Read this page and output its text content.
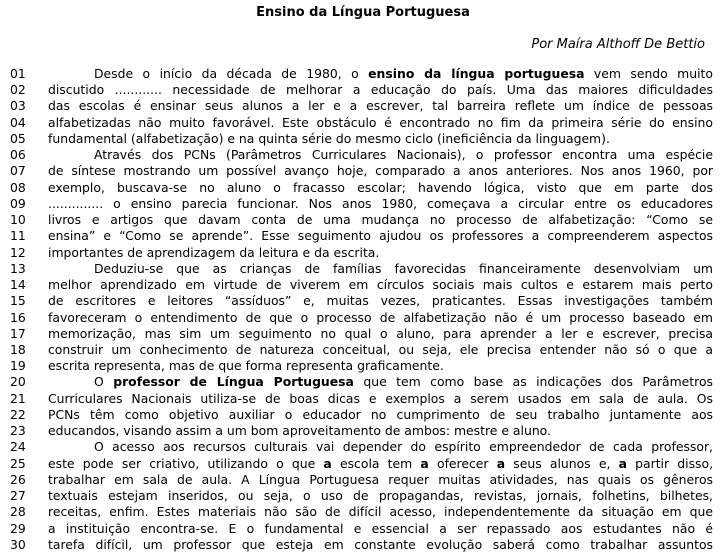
Ensino da Língua Portuguesa
Por Maíra Althoff De Bettio
01	Desde o início da década de 1980, o ensino da língua portuguesa vem sendo muito
02	discutido ............ necessidade de melhorar a educação do país. Uma das maiores dificuldades
03	das escolas é ensinar seus alunos a ler e a escrever, tal barreira reflete um índice de pessoas
04	alfabetizadas não muito favorável. Este obstáculo é encontrado no fim da primeira série do ensino
05	fundamental (alfabetização) e na quinta série do mesmo ciclo (ineficiência da linguagem).
06	Através dos PCNs (Parâmetros Curriculares Nacionais), o professor encontra uma espécie
07	de síntese mostrando um possível avanço hoje, comparado a anos anteriores. Nos anos 1960, por
08	exemplo, buscava-se no aluno o fracasso escolar; havendo lógica, visto que em parte dos
09	.............. o ensino parecia funcionar. Nos anos 1980, começava a circular entre os educadores
10	livros e artigos que davam conta de uma mudança no processo de alfabetização: “Como se
11	ensina” e “Como se aprende”. Esse seguimento ajudou os professores a compreenderem aspectos
12	importantes de aprendizagem da leitura e da escrita.
13	Deduziu-se que as crianças de famílias favorecidas financeiramente desenvolviam um
14	melhor aprendizado em virtude de viverem em círculos sociais mais cultos e estarem mais perto
15	de escritores e leitores “assíduos” e, muitas vezes, praticantes. Essas investigações também
16	favoreceram o entendimento de que o processo de alfabetização não é um processo baseado em
17	memorização, mas sim um seguimento no qual o aluno, para aprender a ler e escrever, precisa
18	construir um conhecimento de natureza conceitual, ou seja, ele precisa entender não só o que a
19	escrita representa, mas de que forma representa graficamente.
20	O professor de Língua Portuguesa que tem como base as indicações dos Parâmetros
21	Curriculares Nacionais utiliza-se de boas dicas e exemplos a serem usados em sala de aula. Os
22	PCNs têm como objetivo auxiliar o educador no cumprimento de seu trabalho juntamente aos
23	educandos, visando assim a um bom aproveitamento de ambos: mestre e aluno.
24	O acesso aos recursos culturais vai depender do espírito empreendedor de cada professor,
25	este pode ser criativo, utilizando o que a escola tem a oferecer a seus alunos e, a partir disso,
26	trabalhar em sala de aula. A Língua Portuguesa requer muitas atividades, nas quais os gêneros
27	textuais estejam inseridos, ou seja, o uso de propagandas, revistas, jornais, folhetins, bilhetes,
28	receitas, enfim. Estes materiais não são de difícil acesso, independentemente da situação em que
29	a instituição encontra-se. E o fundamental e essencial a ser repassado aos estudantes não é
30	tarefa difícil, um professor que esteja em constante evolução saberá como trabalhar assuntos
